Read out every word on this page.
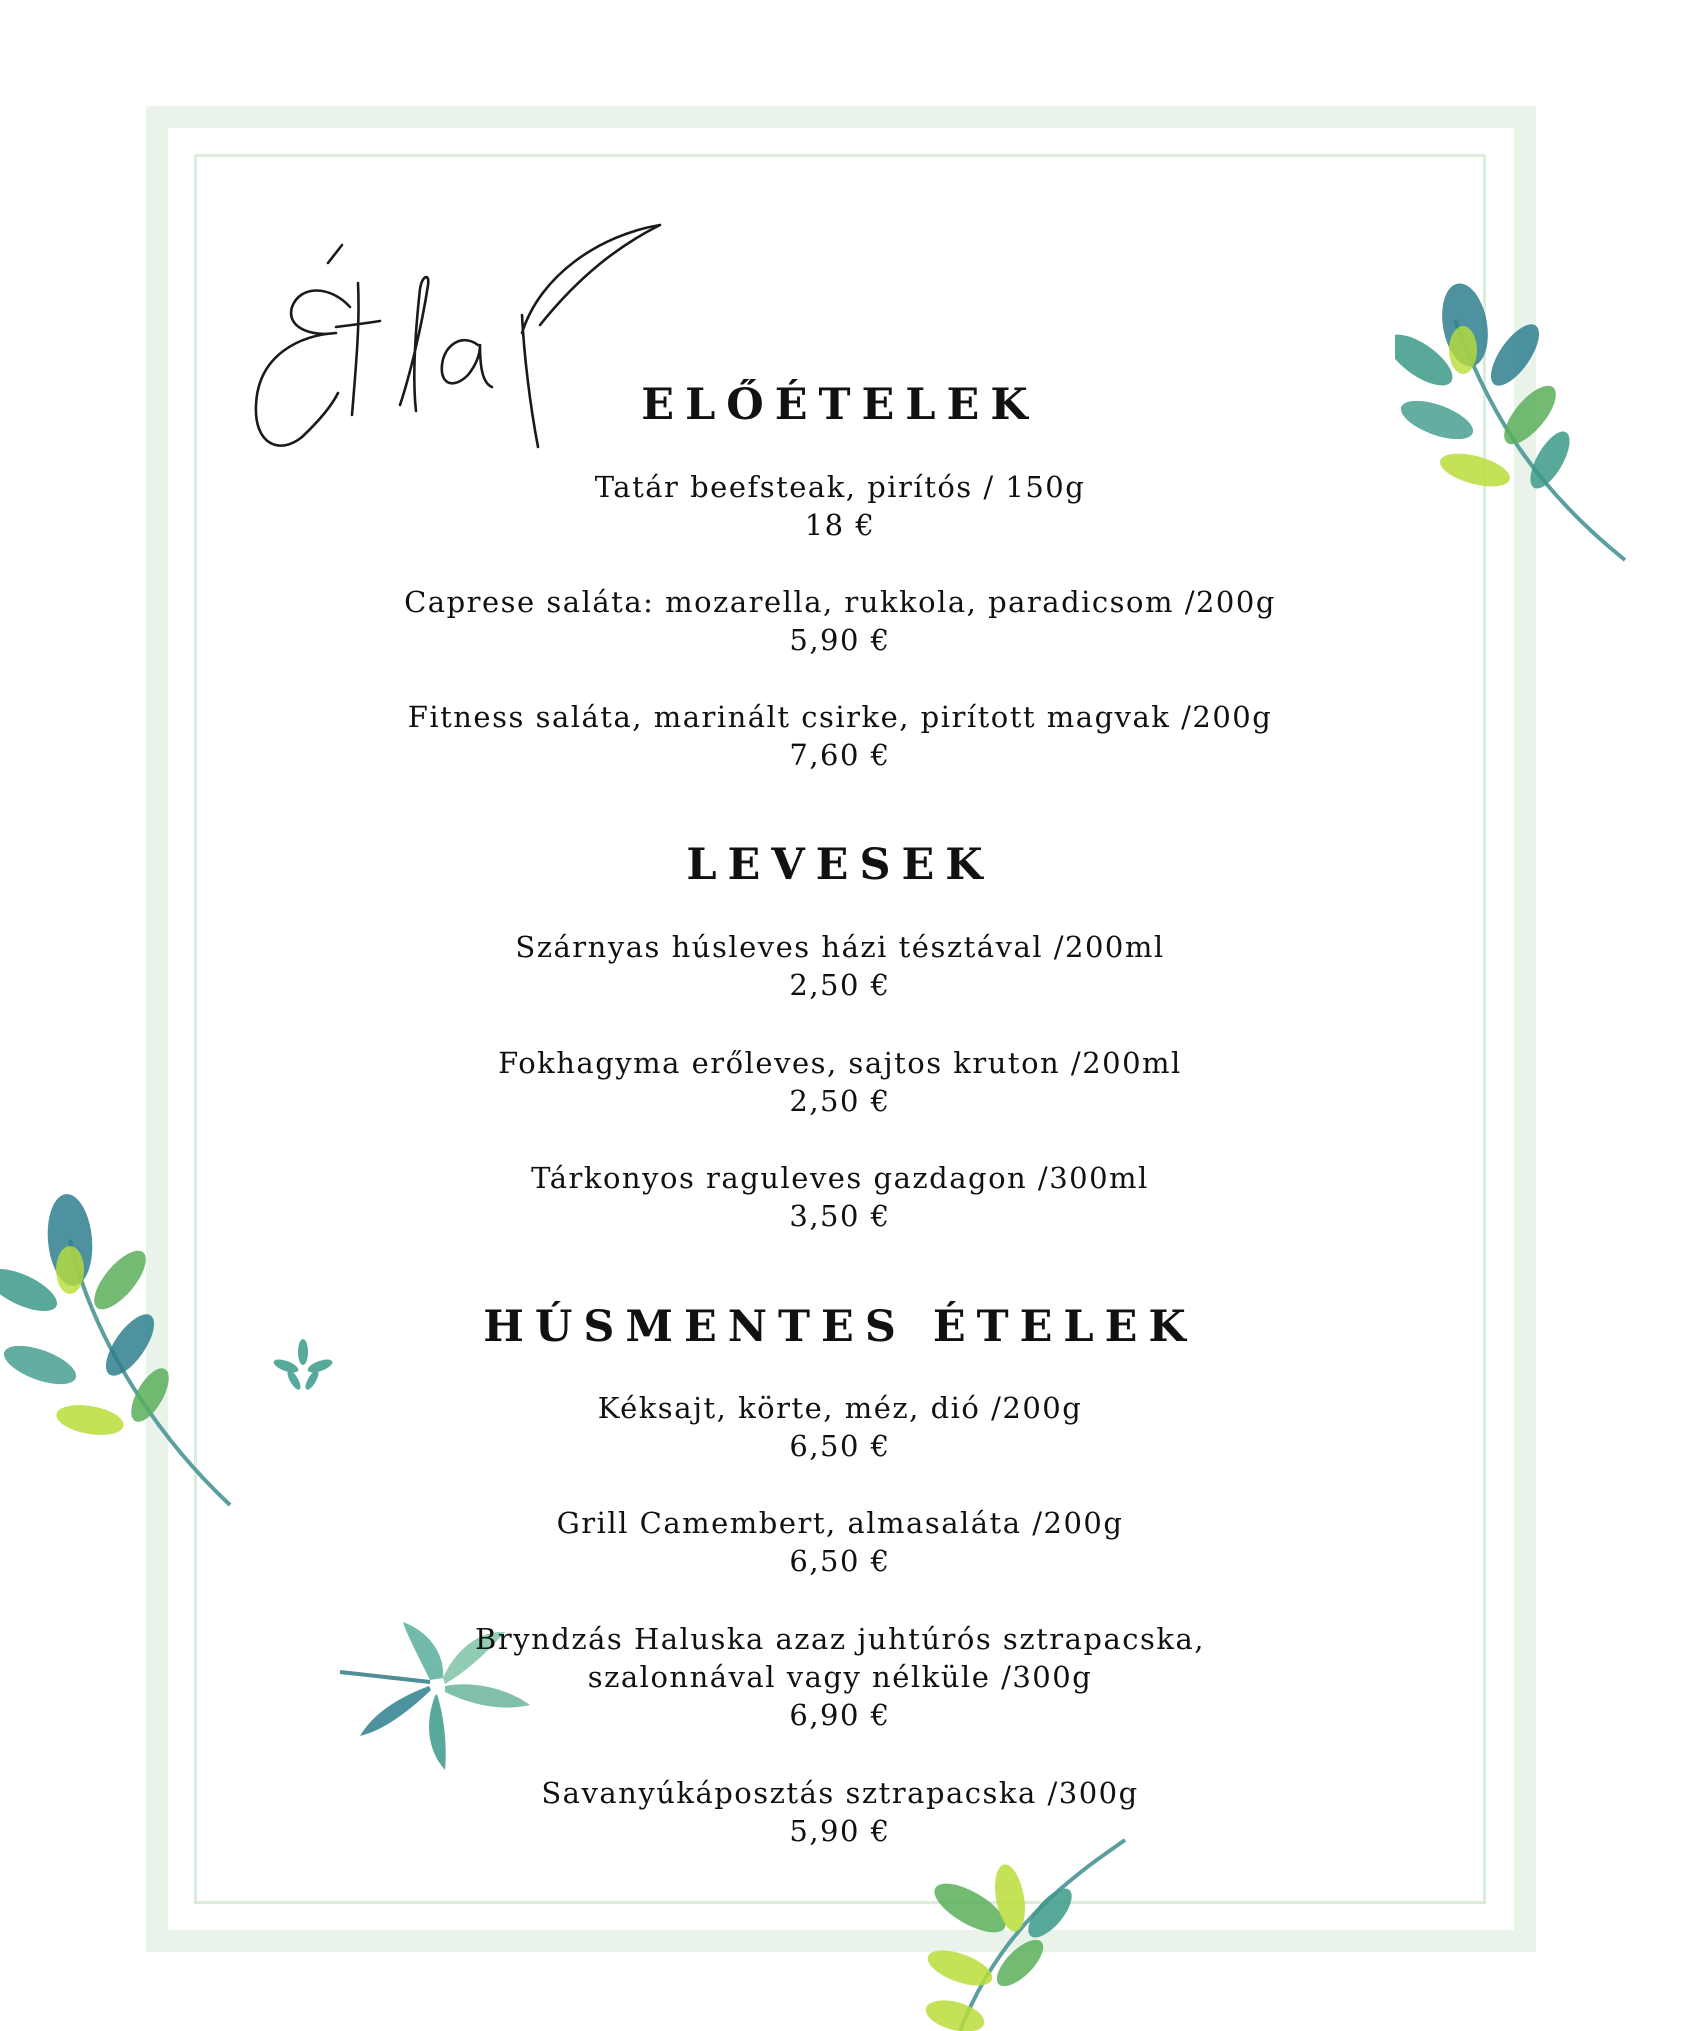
ELŐÉTELEK
Tatár beefsteak, pirítós / 150g
18 €
Caprese saláta: mozarella, rukkola, paradicsom /200g
5,90 €
Fitness saláta, marinált csirke, pirított magvak /200g
7,60 €
LEVESEK
Szárnyas húsleves házi tésztával /200ml
2,50 €
Fokhagyma erőleves, sajtos kruton /200ml
2,50 €
Tárkonyos raguleves gazdagon /300ml
3,50 €
HÚSMENTES ÉTELEK
Kéksajt, körte, méz, dió /200g
6,50 €
Grill Camembert, almasaláta /200g
6,50 €
Bryndzás Haluska azaz juhtúrós sztrapacska,
szalonnával vagy nélküle /300g
6,90 €
Savanyúkáposztás sztrapacska /300g
5,90 €
